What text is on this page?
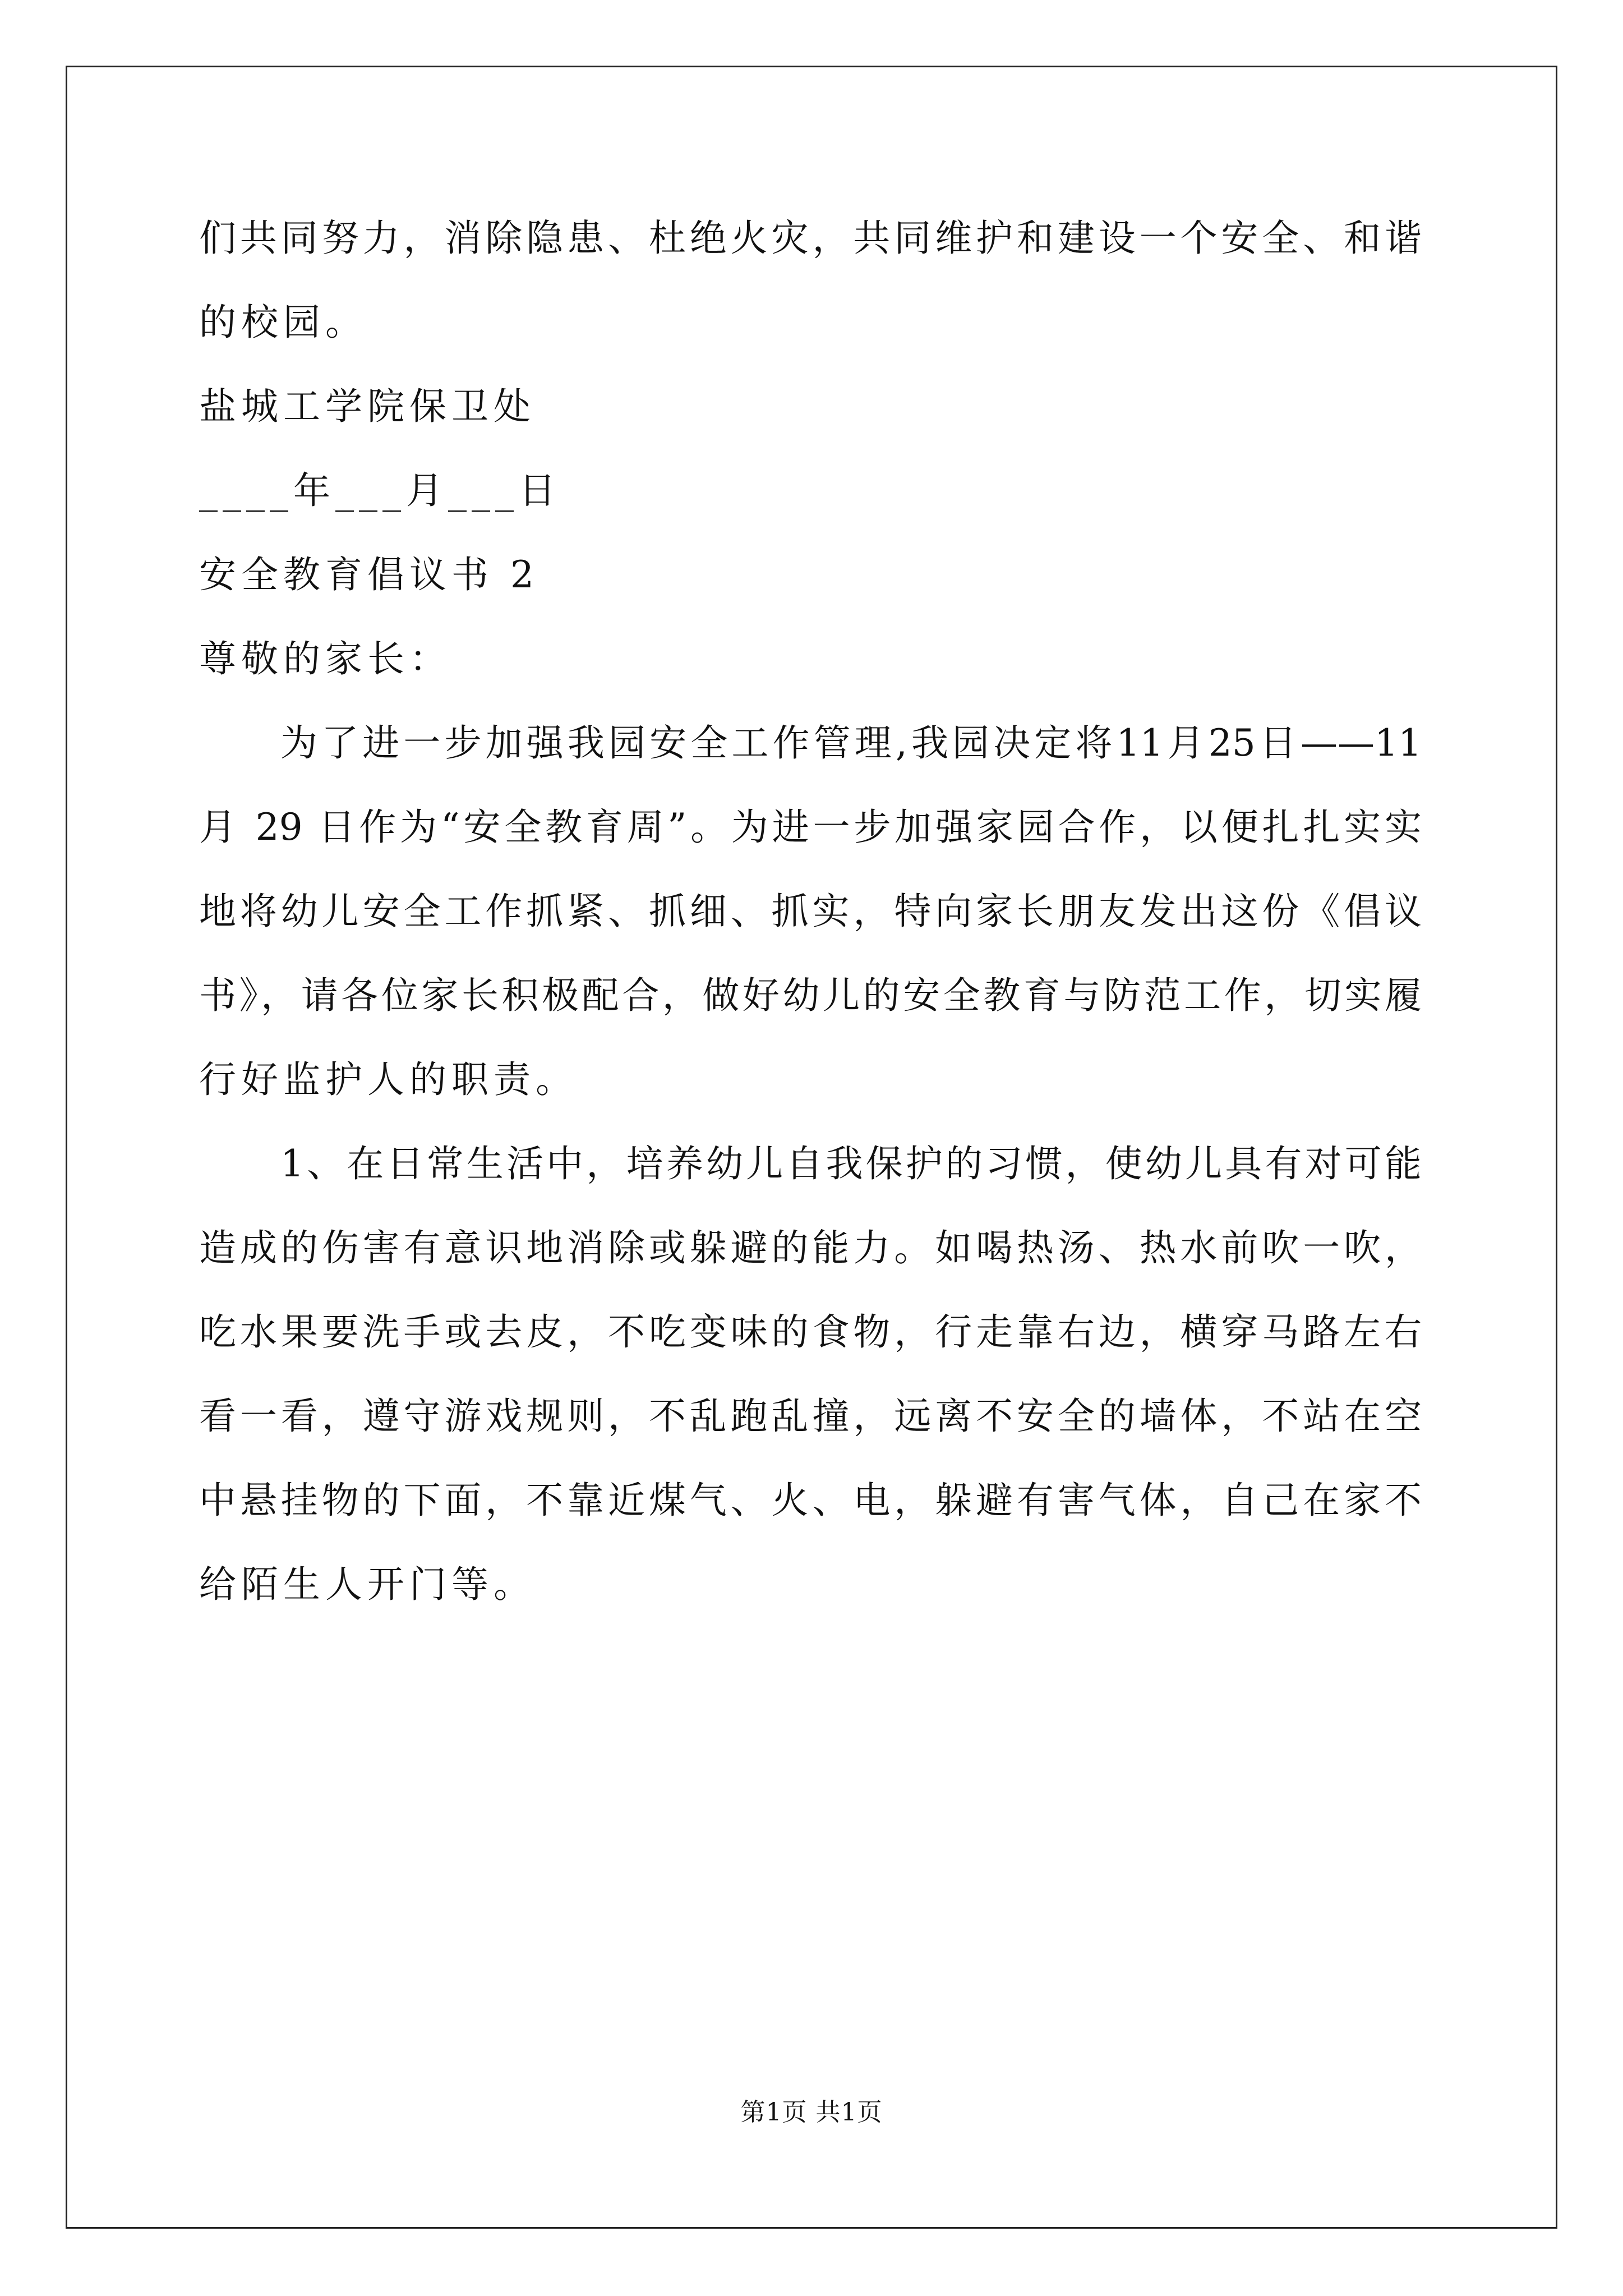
们共同努力，消除隐患、杜绝火灾，共同维护和建设一个安全、和谐
的校园。
盐城工学院保卫处
____年___月___日
安全教育倡议书 2
尊敬的家长：
为了进一步加强我园安全工作管理,我园决定将11月25日——11
月 29 日作为“安全教育周”。为进一步加强家园合作，以便扎扎实实
地将幼儿安全工作抓紧、抓细、抓实，特向家长朋友发出这份《倡议
书》，请各位家长积极配合，做好幼儿的安全教育与防范工作，切实履
行好监护人的职责。
1、在日常生活中，培养幼儿自我保护的习惯，使幼儿具有对可能
造成的伤害有意识地消除或躲避的能力。如喝热汤、热水前吹一吹，
吃水果要洗手或去皮，不吃变味的食物，行走靠右边，横穿马路左右
看一看，遵守游戏规则，不乱跑乱撞，远离不安全的墙体，不站在空
中悬挂物的下面，不靠近煤气、火、电，躲避有害气体，自己在家不
给陌生人开门等。
第1页 共1页
